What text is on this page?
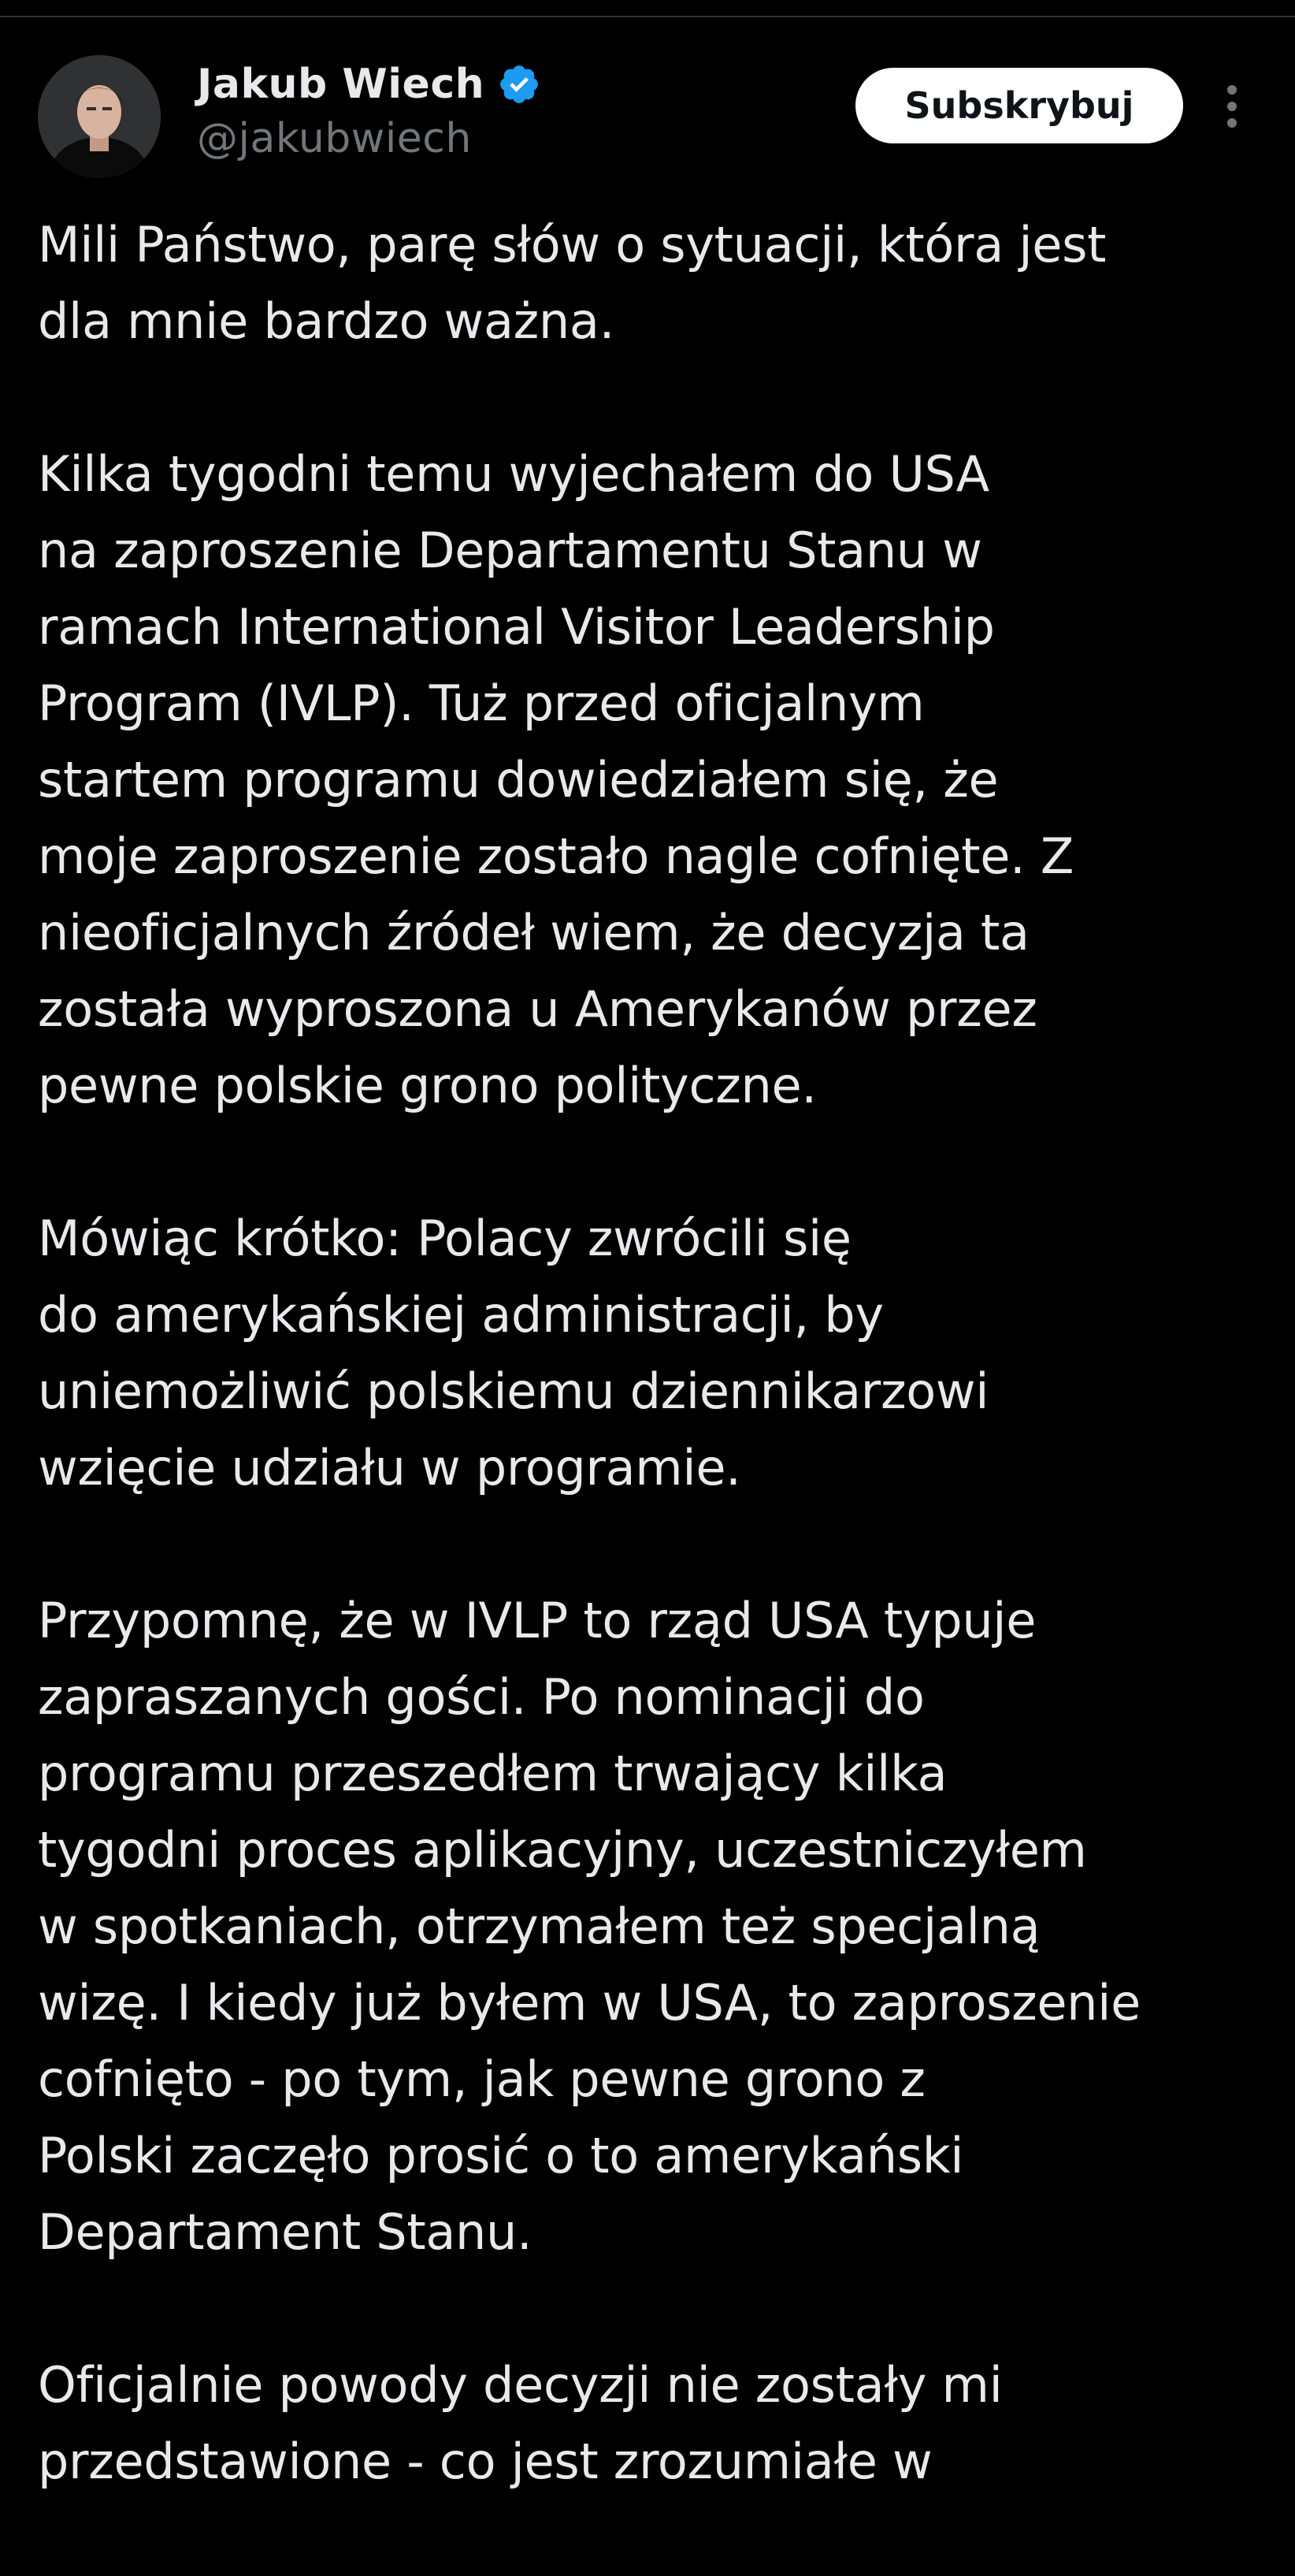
Jakub Wiech
@jakubwiech
Subskrybuj
Mili Państwo, parę słów o sytuacji, która jest
dla mnie bardzo ważna.
Kilka tygodni temu wyjechałem do USA
na zaproszenie Departamentu Stanu w
ramach International Visitor Leadership
Program (IVLP). Tuż przed oficjalnym
startem programu dowiedziałem się, że
moje zaproszenie zostało nagle cofnięte. Z
nieoficjalnych źródeł wiem, że decyzja ta
została wyproszona u Amerykanów przez
pewne polskie grono polityczne.
Mówiąc krótko: Polacy zwrócili się
do amerykańskiej administracji, by
uniemożliwić polskiemu dziennikarzowi
wzięcie udziału w programie.
Przypomnę, że w IVLP to rząd USA typuje
zapraszanych gości. Po nominacji do
programu przeszedłem trwający kilka
tygodni proces aplikacyjny, uczestniczyłem
w spotkaniach, otrzymałem też specjalną
wizę. I kiedy już byłem w USA, to zaproszenie
cofnięto - po tym, jak pewne grono z
Polski zaczęło prosić o to amerykański
Departament Stanu.
Oficjalnie powody decyzji nie zostały mi
przedstawione - co jest zrozumiałe w
